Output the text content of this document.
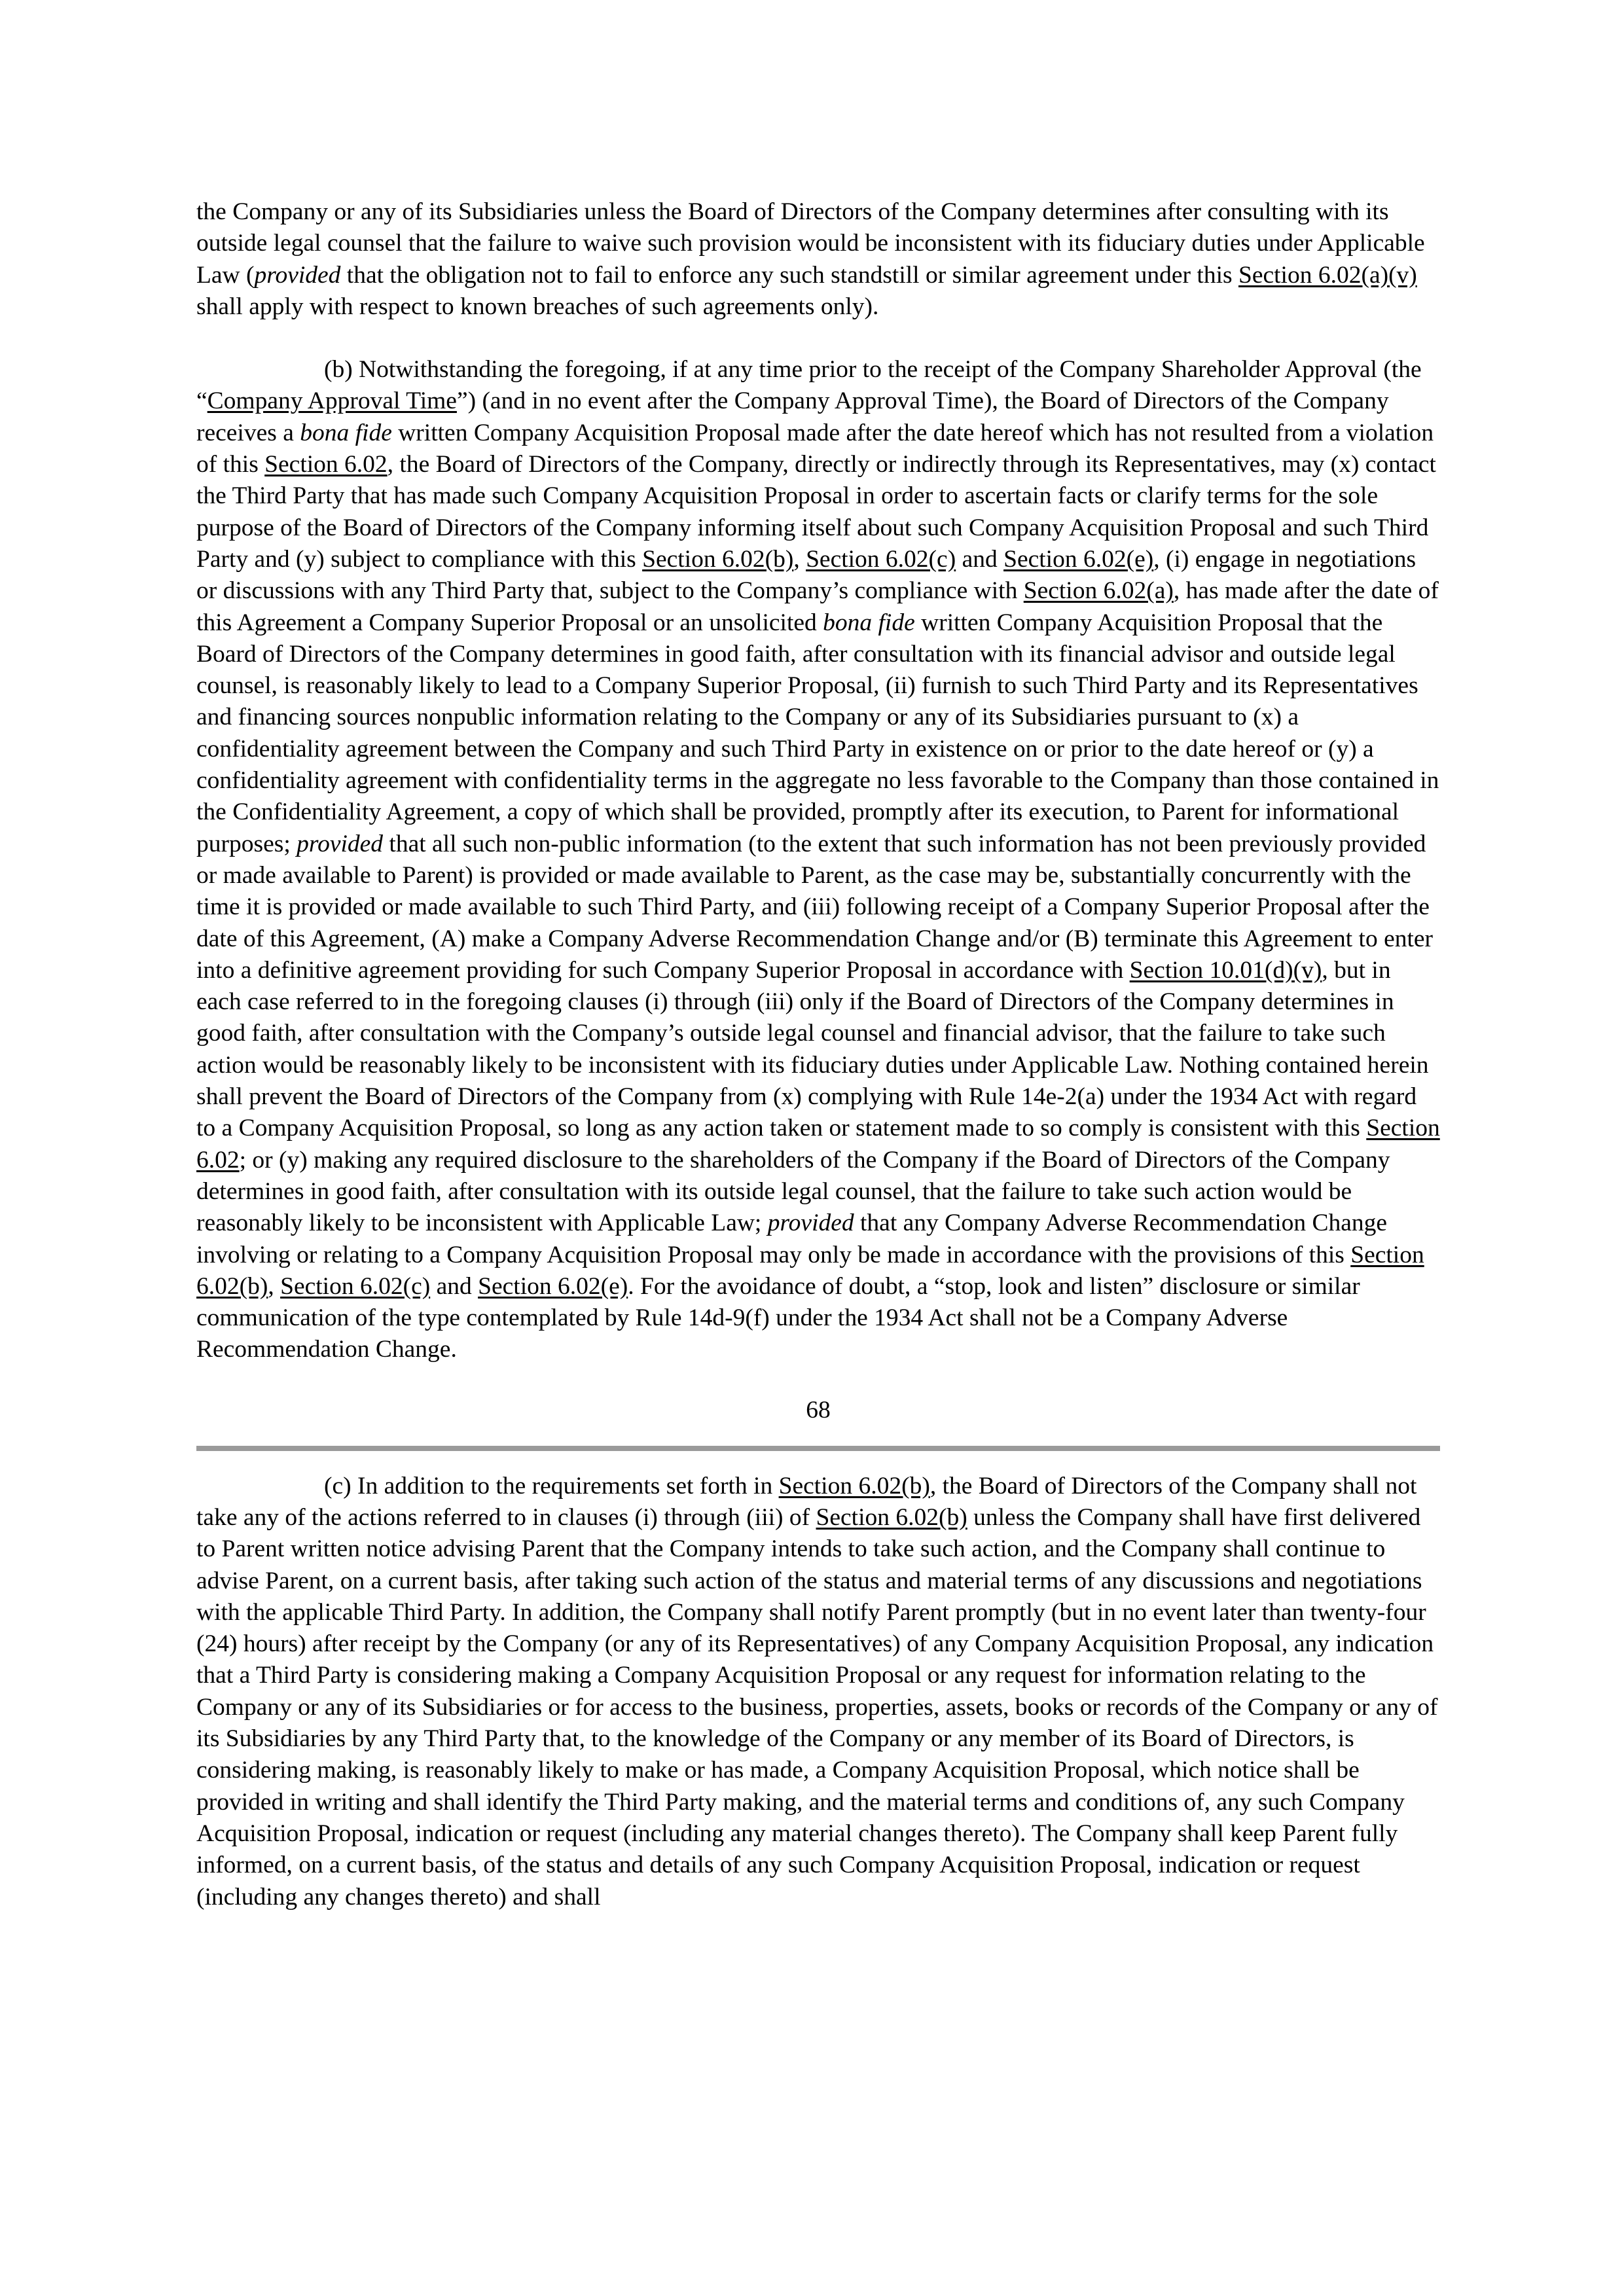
the Company or any of its Subsidiaries unless the Board of Directors of the Company determines after consulting with its outside legal counsel that the failure to waive such provision would be inconsistent with its fiduciary duties under Applicable Law (provided that the obligation not to fail to enforce any such standstill or similar agreement under this Section 6.02(a)(v) shall apply with respect to known breaches of such agreements only).

(b) Notwithstanding the foregoing, if at any time prior to the receipt of the Company Shareholder Approval (the “Company Approval Time”) (and in no event after the Company Approval Time), the Board of Directors of the Company receives a bona fide written Company Acquisition Proposal made after the date hereof which has not resulted from a violation of this Section 6.02, the Board of Directors of the Company, directly or indirectly through its Representatives, may (x) contact the Third Party that has made such Company Acquisition Proposal in order to ascertain facts or clarify terms for the sole purpose of the Board of Directors of the Company informing itself about such Company Acquisition Proposal and such Third Party and (y) subject to compliance with this Section 6.02(b), Section 6.02(c) and Section 6.02(e), (i) engage in negotiations or discussions with any Third Party that, subject to the Company’s compliance with Section 6.02(a), has made after the date of this Agreement a Company Superior Proposal or an unsolicited bona fide written Company Acquisition Proposal that the Board of Directors of the Company determines in good faith, after consultation with its financial advisor and outside legal counsel, is reasonably likely to lead to a Company Superior Proposal, (ii) furnish to such Third Party and its Representatives and financing sources nonpublic information relating to the Company or any of its Subsidiaries pursuant to (x) a confidentiality agreement between the Company and such Third Party in existence on or prior to the date hereof or (y) a confidentiality agreement with confidentiality terms in the aggregate no less favorable to the Company than those contained in the Confidentiality Agreement, a copy of which shall be provided, promptly after its execution, to Parent for informational purposes; provided that all such non-public information (to the extent that such information has not been previously provided or made available to Parent) is provided or made available to Parent, as the case may be, substantially concurrently with the time it is provided or made available to such Third Party, and (iii) following receipt of a Company Superior Proposal after the date of this Agreement, (A) make a Company Adverse Recommendation Change and/or (B) terminate this Agreement to enter into a definitive agreement providing for such Company Superior Proposal in accordance with Section 10.01(d)(v), but in each case referred to in the foregoing clauses (i) through (iii) only if the Board of Directors of the Company determines in good faith, after consultation with the Company’s outside legal counsel and financial advisor, that the failure to take such action would be reasonably likely to be inconsistent with its fiduciary duties under Applicable Law. Nothing contained herein shall prevent the Board of Directors of the Company from (x) complying with Rule 14e-2(a) under the 1934 Act with regard to a Company Acquisition Proposal, so long as any action taken or statement made to so comply is consistent with this Section 6.02; or (y) making any required disclosure to the shareholders of the Company if the Board of Directors of the Company determines in good faith, after consultation with its outside legal counsel, that the failure to take such action would be reasonably likely to be inconsistent with Applicable Law; provided that any Company Adverse Recommendation Change involving or relating to a Company Acquisition Proposal may only be made in accordance with the provisions of this Section 6.02(b), Section 6.02(c) and Section 6.02(e). For the avoidance of doubt, a “stop, look and listen” disclosure or similar communication of the type contemplated by Rule 14d-9(f) under the 1934 Act shall not be a Company Adverse Recommendation Change.

68

(c) In addition to the requirements set forth in Section 6.02(b), the Board of Directors of the Company shall not take any of the actions referred to in clauses (i) through (iii) of Section 6.02(b) unless the Company shall have first delivered to Parent written notice advising Parent that the Company intends to take such action, and the Company shall continue to advise Parent, on a current basis, after taking such action of the status and material terms of any discussions and negotiations with the applicable Third Party. In addition, the Company shall notify Parent promptly (but in no event later than twenty-four (24) hours) after receipt by the Company (or any of its Representatives) of any Company Acquisition Proposal, any indication that a Third Party is considering making a Company Acquisition Proposal or any request for information relating to the Company or any of its Subsidiaries or for access to the business, properties, assets, books or records of the Company or any of its Subsidiaries by any Third Party that, to the knowledge of the Company or any member of its Board of Directors, is considering making, is reasonably likely to make or has made, a Company Acquisition Proposal, which notice shall be provided in writing and shall identify the Third Party making, and the material terms and conditions of, any such Company Acquisition Proposal, indication or request (including any material changes thereto). The Company shall keep Parent fully informed, on a current basis, of the status and details of any such Company Acquisition Proposal, indication or request (including any changes thereto) and shall
